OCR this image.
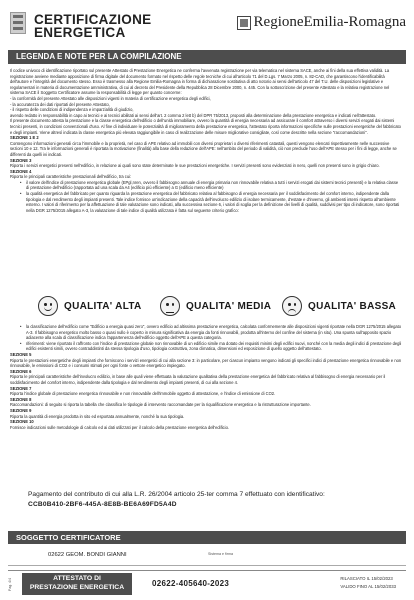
CERTIFICAZIONE
ENERGETICA
RegioneEmilia-Romagna
LEGENDA E NOTE PER LA COMPILAZIONE

Il codice univoco di identificazione riportato sul presente Attestato di Prestazione Energetica ne conferma l'avvenuta registrazione per via telematica nel sistema SACE, anche ai fini della sua effettiva validità. La registrazione avviene mediante apposizione di firma digitale del documento formato nel rispetto delle regole tecniche di cui all'articolo 71 del D.Lgs. 7 Marzo 2005, n. 82-CAD, che garantiscono l'identificabilità dell'autore e l'integrità del documento stesso. Esso è trasmesso alla Regione Emilia-Romagna in forma di dichiarazione sostitutiva di atto notorio ai sensi dell'articolo 47 del T.U. delle disposizioni legislative e regolamentari in materia di documentazione amministrativa, di cui al decreto del Presidente della Repubblica 28 Dicembre 2000, n. 445. Con la sottoscrizione del presente Attestato e la relativa registrazione nel sistema SACE il Soggetto Certificatore assume la responsabilità di legge per quanto concerne:

- la conformità del presente Attestato alle disposizioni vigenti in materia di certificazione energetica degli edifici,

- la accuratezza dei dati riportati del presente Attestato,

- il rispetto delle condizioni di indipendenza e imparzialità di giudizio,

avendo redatto in responsabilità in capo ai tecnici e ai tecnici abilitati ai sensi dell'art. 2 comma 2 lett b) del DPR 75/2013, proposti alla determinazione della prestazione energetica e indicati nell'attestato.

Il presente documento attesta la prestazione e la classe energetica dell'edificio o dell'unità immobiliare, ovvero la quantità di energia necessaria ad assicurare il comfort attraverso i diversi servizi erogati dai sistemi tecnici presenti, in condizioni convenzionali d'uso. Al fine di individuare le potenzialità di miglioramento della prestazione energetica, l'attestato riporta informazioni specifiche sulle prestazioni energetiche del fabbricato e degli impianti. Viene altresì indicata la classe energetica più elevata raggiungibile in caso di realizzazione delle misure migliorative consigliate, così come descritte nella sezione "raccomandazioni".

SEZIONE 1 E 2

Contengono informazioni generali circa l'immobile e la proprietà, nel caso di APE relativo ad immobili con diversi proprietari o diversi riferimenti catastali, questi vengono elencati rispettivamente nelle successive sezioni 10 e 12. Tra le informazioni generali è riportata la motivazione (finalità) alla base della redazione dell'APE: nell'ambito del periodo di validità, ciò non preclude l'uso dell'APE stesso per i fini di legge, anche se differenti da quelli ivi indicati.

SEZIONE 3

Riporta i servizi energetici presenti nell'edificio, in relazione ai quali sono state determinate le sue prestazioni energetiche. I servizi presenti sono evidenziati in nero, quelli non presenti sono in grigio chiaro.

SEZIONE 4

Riporta le principali caratteristiche prestazionali dell'edificio, tra cui:

• il valore dell'indice di prestazione energetica globale (EPgl,nren, ovvero il fabbisogno annuale di energia primaria non rinnovabile relativa a tutti i servizi erogati dai sistemi tecnici presenti) e la relativa classe di prestazione dell'edificio (rapportata ad una scala da A4 (edificio più efficiente) a G (edificio meno efficiente)
• la qualità energetica del fabbricato per quanto riguarda la prestazione energetica del fabbricato relativa al fabbisogno di energia necessaria per il soddisfacimento del comfort interno, indipendente dalla tipologia e dal rendimento degli impianti presenti. Tale indice fornisce un'indicazione della capacità dell'involucro edilizio di isolare termicamente, d'estate e d'inverno, gli ambienti interni rispetto all'ambiente esterno. I valori di riferimento per la affettuazione di tale valutazione sono indicati, alla successiva sezione 6, i valori di soglia per la definizione dei livelli di qualità, suddivisi per tipo di indicatore, sono riportati nella DGR 1275/2015 allegato A-3, la valutazione di tale indice di qualità utilizzata è fatta sul seguente criterio grafico:
QUALITA' ALTA	QUALITA' MEDIA	QUALITA' BASSA
• la classificazione dell'edificio come "Edificio a energia quasi zero", ovvero edificio ad altissima prestazione energetica, calcolata conformemente alle disposizioni vigenti riportate nella DGR 1275/2015 allegato A-3. Il fabbisogno energetico molto basso o quasi nullo è coperto in misura significativa da energia da fonti rinnovabili, prodotta all'interno del confine del sistema (in situ). Una spunta sull'apposito spazio adiacente alla scala di classificazione indica l'appartenenza dell'edificio oggetto dell'APE a questa categoria.
• riferimenti: viene riportato il raffronto con l'indice di prestazione globale non rinnovabile di un edificio simile ma dotato dei requisiti minimi degli edifici nuovi, nonché con la media degli indici di prestazione degli edifici esistenti simili, ovvero contraddistinti da stessa tipologia d'uso, tipologia costruttiva, zona climatica, dimensioni ed esposizione di quello oggetto dell'attestato.

SEZIONE 5

Riporta le prestazioni energetiche degli impianti che forniscono i servizi energetici di cui alla sezione 3: in particolare, per ciascun impianto vengono indicati gli specifici indici di prestazione energetica rinnovabile e non rinnovabile, le emissioni di CO2 e i consumi stimati per ogni fonte o vettore energetico impiegato.

SEZIONE 6

Riporta le principali caratteristiche dell'involucro edilizio, in base alle quali viene effettuata la valutazione qualitativa della prestazione energetica del fabbricato relativa al fabbisogno di energia necessario per il soddisfacimento del comfort interno, indipendente dalla tipologia e dal rendimento degli impianti presenti, di cui alla sezione 4.

SEZIONE 7

Riporta l'indice globale di prestazione energetica rinnovabile e non rinnovabile dell'immobile oggetto di attestazione, e l'indice di emissione di CO2.

SEZIONE 8

Raccomandazioni: di seguito si riporta la tabella che classifica le tipologie di intervento raccomandate per la riqualificazione energetica e la ristrutturazione importante.

SEZIONE 9

Riporta la quantità di energia prodotta in sito ed esportata annualmente, nonché la sua tipologia.

SEZIONE 10

Fornisce indicazioni sulle metodologie di calcolo ed ai dati utilizzati per il calcolo della prestazione energetica dell'edificio.

Pagamento del contributo di cui alla L.R. 26/2004 articolo 25-ter comma 7 effettuato con identificativo:
CCB0B410-2BF6-445A-8E8B-BE6A69FD5A4D
SOGGETTO CERTIFICATORE
02622 GEOM. BONDI GIANNI	Sistema e firma
Pag. 4/4	ATTESTATO DI
PRESTAZIONE ENERGETICA	02622-405640-2023
RILASCIATO IL 15/02/2023
VALIDO FINO AL 15/02/2033
